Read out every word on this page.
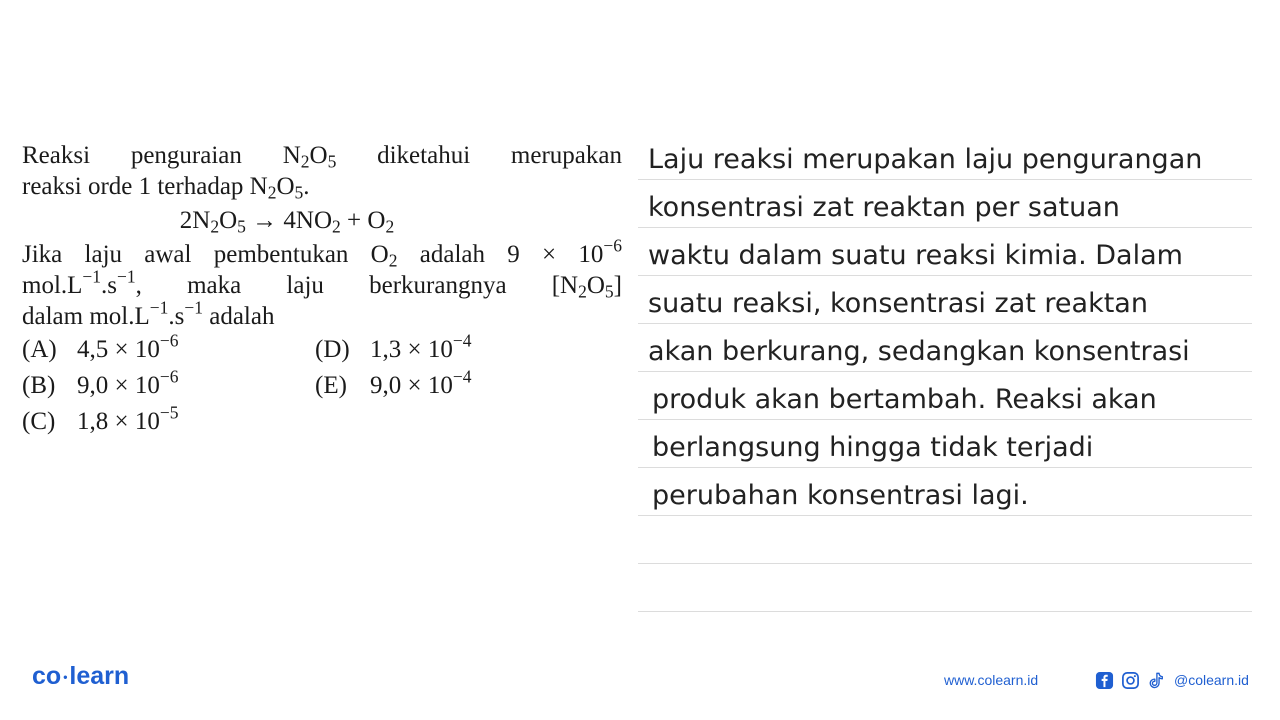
Reaksi penguraian $N_2O_5$ diketahui merupakan
reaksi orde 1 terhadap $N_2O_5$.
$2N_2O_5 \to 4NO_2 + O_2$
Jika laju awal pembentukan $O_2$ adalah $9 \times 10^{-6}$
$mol.L^{-1}.s^{-1}$, maka laju berkurangnya $[N_2O_5]$
dalam $mol.L^{-1}.s^{-1}$ adalah
(A) $4,5 \times 10^{-6}$
(B) $9,0 \times 10^{-6}$
(C) $1,8 \times 10^{-5}$
(D) $1,3 \times 10^{-4}$
(E) $9,0 \times 10^{-4}$
Laju reaksi merupakan laju pengurangan
konsentrasi zat reaktan per satuan
waktu dalam suatu reaksi kimia. Dalam
suatu reaksi, konsentrasi zat reaktan
akan berkurang, sedangkan konsentrasi
produk akan bertambah. Reaksi akan
berlangsung hingga tidak terjadi
perubahan konsentrasi lagi.
co •learn	www.colearn.id	@colearn.id
